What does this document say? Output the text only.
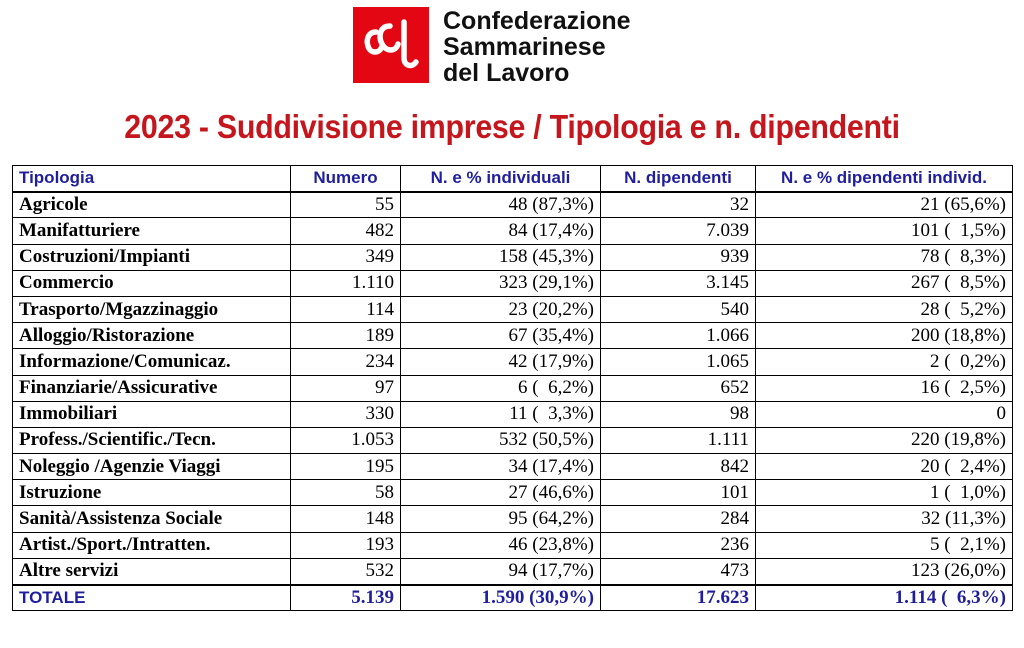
Confederazione
Sammarinese
del Lavoro
2023 - Suddivisione imprese / Tipologia e n. dipendenti
Tipologia	Numero	N. e % individuali	N. dipendenti	N. e % dipendenti individ.
Agricole	55	48 (87,3%)	32	21 (65,6%)
Manifatturiere	482	84 (17,4%)	7.039	101 (  1,5%)
Costruzioni/Impianti	349	158 (45,3%)	939	78 (  8,3%)
Commercio	1.110	323 (29,1%)	3.145	267 (  8,5%)
Trasporto/Mgazzinaggio	114	23 (20,2%)	540	28 (  5,2%)
Alloggio/Ristorazione	189	67 (35,4%)	1.066	200 (18,8%)
Informazione/Comunicaz.	234	42 (17,9%)	1.065	2 (  0,2%)
Finanziarie/Assicurative	97	6 (  6,2%)	652	16 (  2,5%)
Immobiliari	330	11 (  3,3%)	98	0
Profess./Scientific./Tecn.	1.053	532 (50,5%)	1.111	220 (19,8%)
Noleggio /Agenzie Viaggi	195	34 (17,4%)	842	20 (  2,4%)
Istruzione	58	27 (46,6%)	101	1 (  1,0%)
Sanità/Assistenza Sociale	148	95 (64,2%)	284	32 (11,3%)
Artist./Sport./Intratten.	193	46 (23,8%)	236	5 (  2,1%)
Altre servizi	532	94 (17,7%)	473	123 (26,0%)
TOTALE	5.139	1.590 (30,9%)	17.623	1.114 (  6,3%)
